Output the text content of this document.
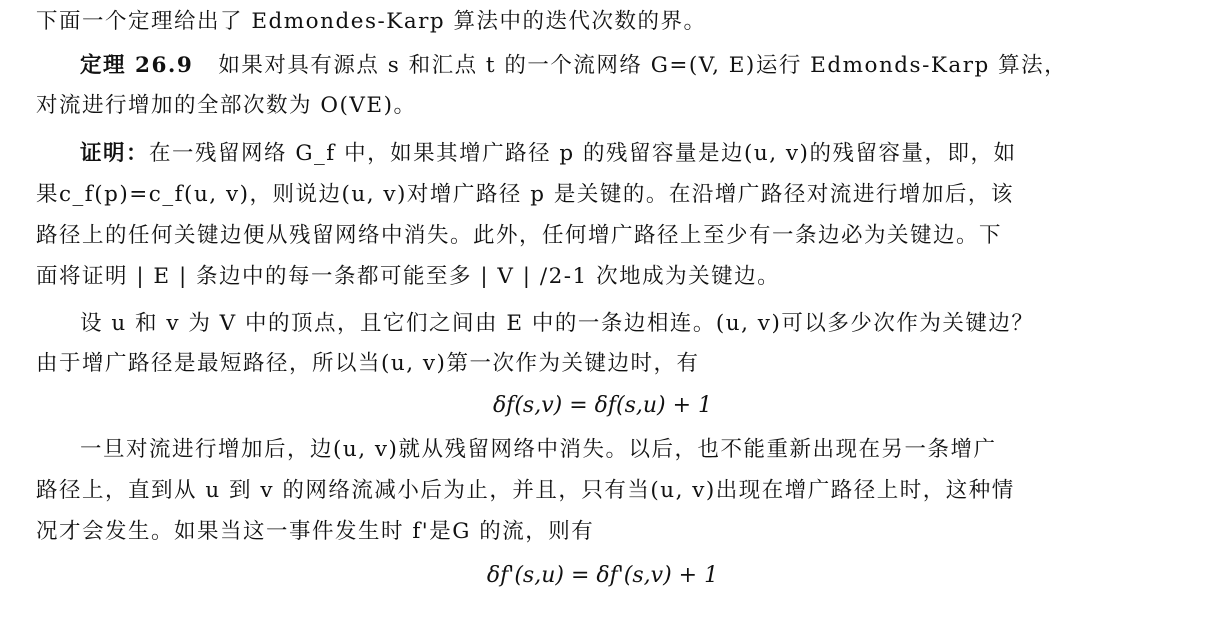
下面一个定理给出了 Edmondes-Karp 算法中的迭代次数的界。
定理 26.9 如果对具有源点 s 和汇点 t 的一个流网络 G=(V, E)运行 Edmonds-Karp 算法，
对流进行增加的全部次数为 O(VE)。
证明：在一残留网络 G_f 中，如果其增广路径 p 的残留容量是边(u, v)的残留容量，即，如
果c_f(p)=c_f(u, v)，则说边(u, v)对增广路径 p 是关键的。在沿增广路径对流进行增加后，该
路径上的任何关键边便从残留网络中消失。此外，任何增广路径上至少有一条边必为关键边。下
面将证明 | E | 条边中的每一条都可能至多 | V | /2-1 次地成为关键边。
设 u 和 v 为 V 中的顶点，且它们之间由 E 中的一条边相连。(u, v)可以多少次作为关键边？
由于增广路径是最短路径，所以当(u, v)第一次作为关键边时，有
δf(s,v) = δf(s,u) + 1
一旦对流进行增加后，边(u, v)就从残留网络中消失。以后，也不能重新出现在另一条增广
路径上，直到从 u 到 v 的网络流减小后为止，并且，只有当(u, v)出现在增广路径上时，这种情
况才会发生。如果当这一事件发生时 f'是G 的流，则有
δf'(s,u) = δf'(s,v) + 1
